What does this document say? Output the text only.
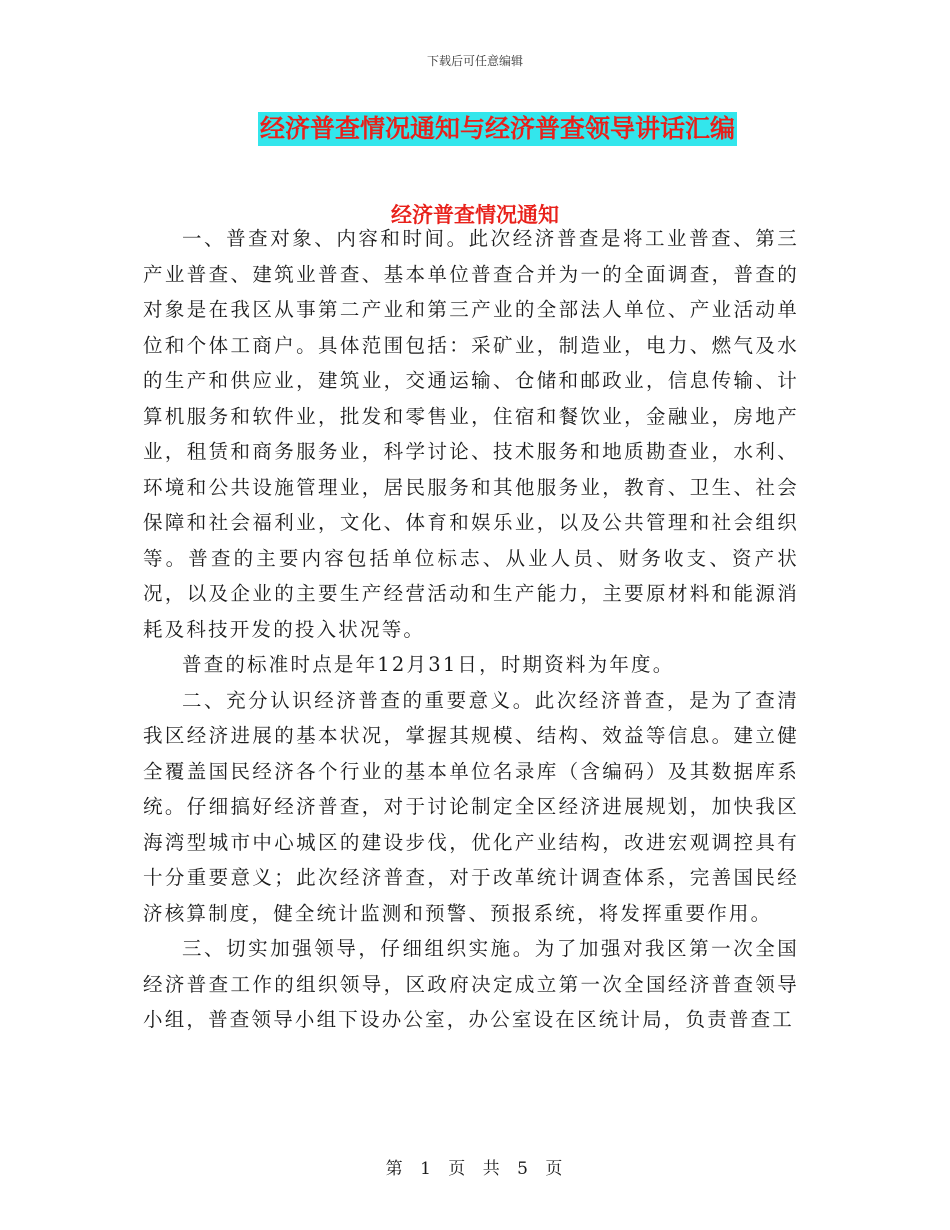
下载后可任意编辑
经济普查情况通知与经济普查领导讲话汇编
经济普查情况通知

一、普查对象、内容和时间。此次经济普查是将工业普查、第三产业普查、建筑业普查、基本单位普查合并为一的全面调查，普查的对象是在我区从事第二产业和第三产业的全部法人单位、产业活动单位和个体工商户。具体范围包括：采矿业，制造业，电力、燃气及水的生产和供应业，建筑业，交通运输、仓储和邮政业，信息传输、计算机服务和软件业，批发和零售业，住宿和餐饮业，金融业，房地产业，租赁和商务服务业，科学讨论、技术服务和地质勘查业，水利、环境和公共设施管理业，居民服务和其他服务业，教育、卫生、社会保障和社会福利业，文化、体育和娱乐业，以及公共管理和社会组织等。普查的主要内容包括单位标志、从业人员、财务收支、资产状况，以及企业的主要生产经营活动和生产能力，主要原材料和能源消耗及科技开发的投入状况等。

普查的标准时点是年12月31日，时期资料为年度。

二、充分认识经济普查的重要意义。此次经济普查，是为了查清我区经济进展的基本状况，掌握其规模、结构、效益等信息。建立健全覆盖国民经济各个行业的基本单位名录库（含编码）及其数据库系统。仔细搞好经济普查，对于讨论制定全区经济进展规划，加快我区海湾型城市中心城区的建设步伐，优化产业结构，改进宏观调控具有十分重要意义；此次经济普查，对于改革统计调查体系，完善国民经济核算制度，健全统计监测和预警、预报系统，将发挥重要作用。

三、切实加强领导，仔细组织实施。为了加强对我区第一次全国经济普查工作的组织领导，区政府决定成立第一次全国经济普查领导小组，普查领导小组下设办公室，办公室设在区统计局，负责普查工

第 1 页 共 5 页
